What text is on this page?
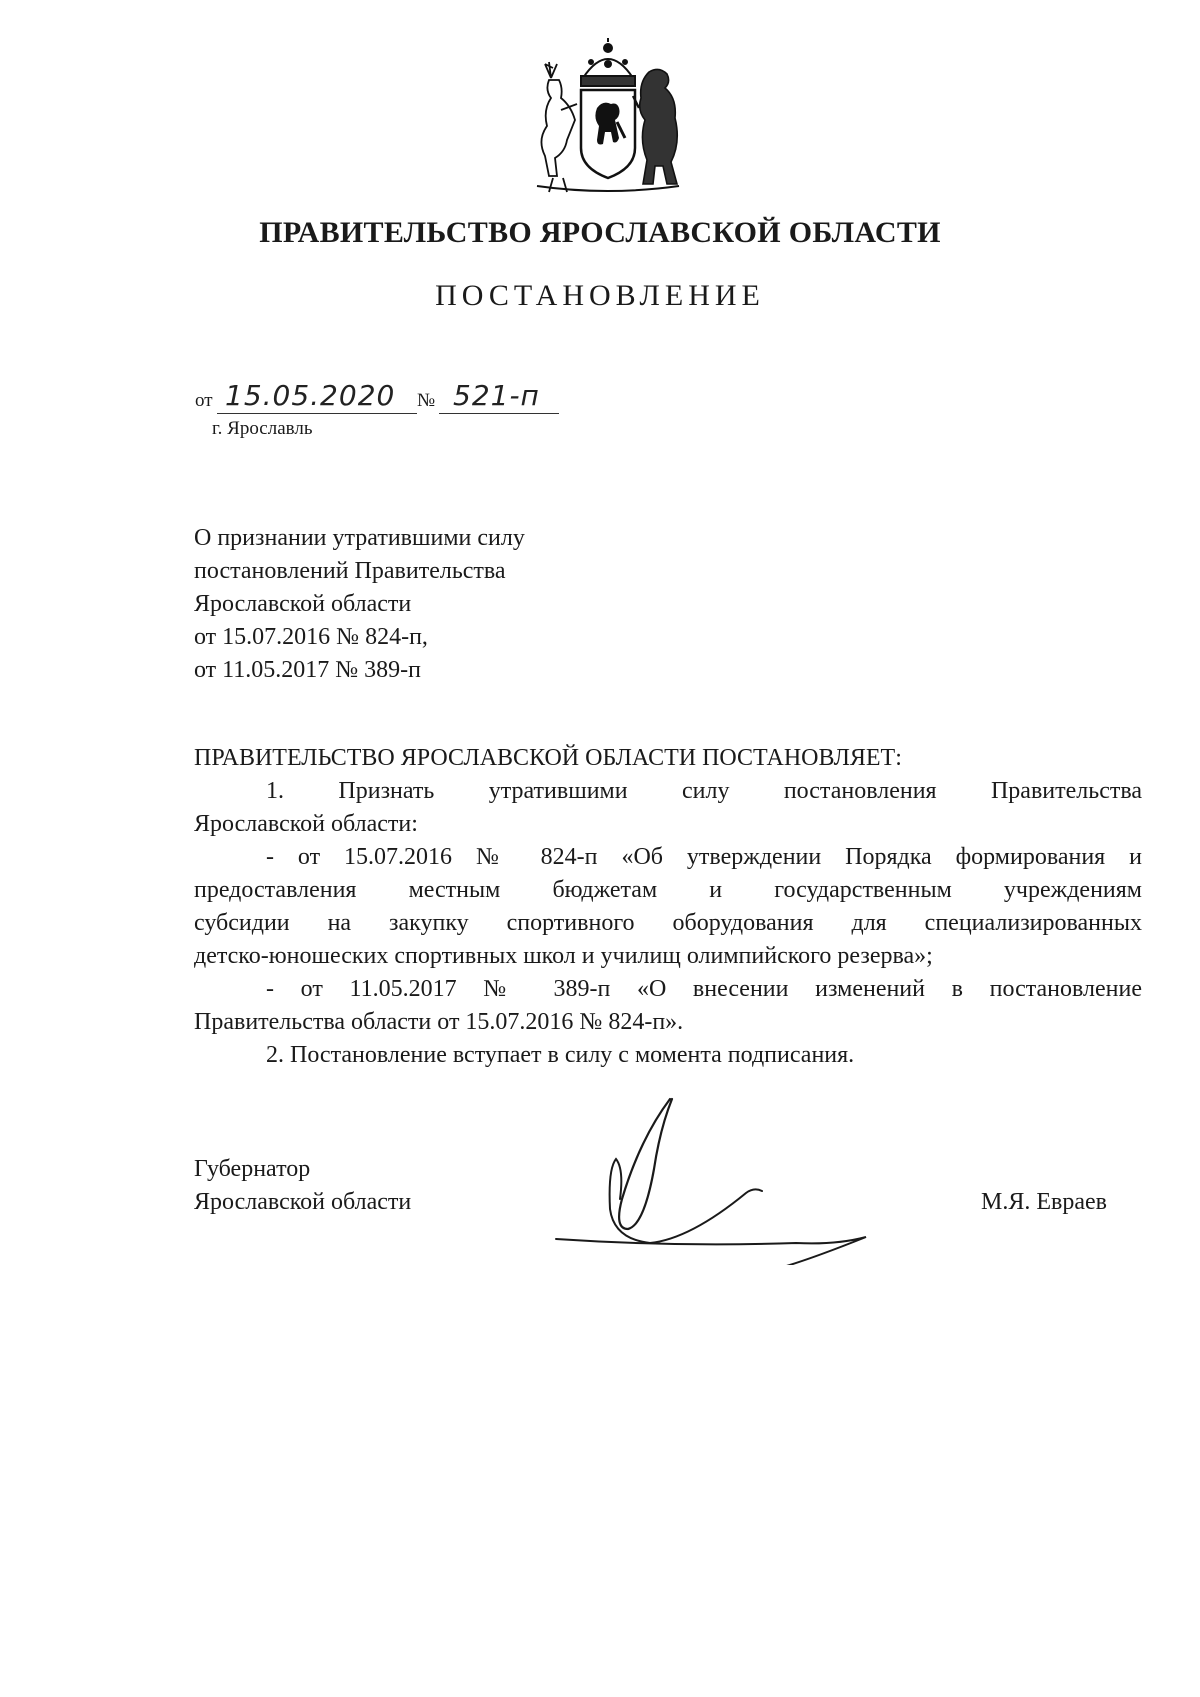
ПРАВИТЕЛЬСТВО ЯРОСЛАВСКОЙ ОБЛАСТИ
ПОСТАНОВЛЕНИЕ
от 15.05.2020 № 521-п
г. Ярославль
О признании утратившими силу
постановлений Правительства
Ярославской области
от 15.07.2016 № 824-п,
от 11.05.2017 № 389-п
ПРАВИТЕЛЬСТВО ЯРОСЛАВСКОЙ ОБЛАСТИ ПОСТАНОВЛЯЕТ:
1. Признать утратившими силу постановления Правительства
Ярославской области:
- от 15.07.2016 № 824-п «Об утверждении Порядка формирования и
предоставления местным бюджетам и государственным учреждениям
субсидии на закупку спортивного оборудования для специализированных
детско-юношеских спортивных школ и училищ олимпийского резерва»;
- от 11.05.2017 № 389-п «О внесении изменений в постановление
Правительства области от 15.07.2016 № 824-п».
2. Постановление вступает в силу с момента подписания.
Губернатор
Ярославской области	М.Я. Евраев
